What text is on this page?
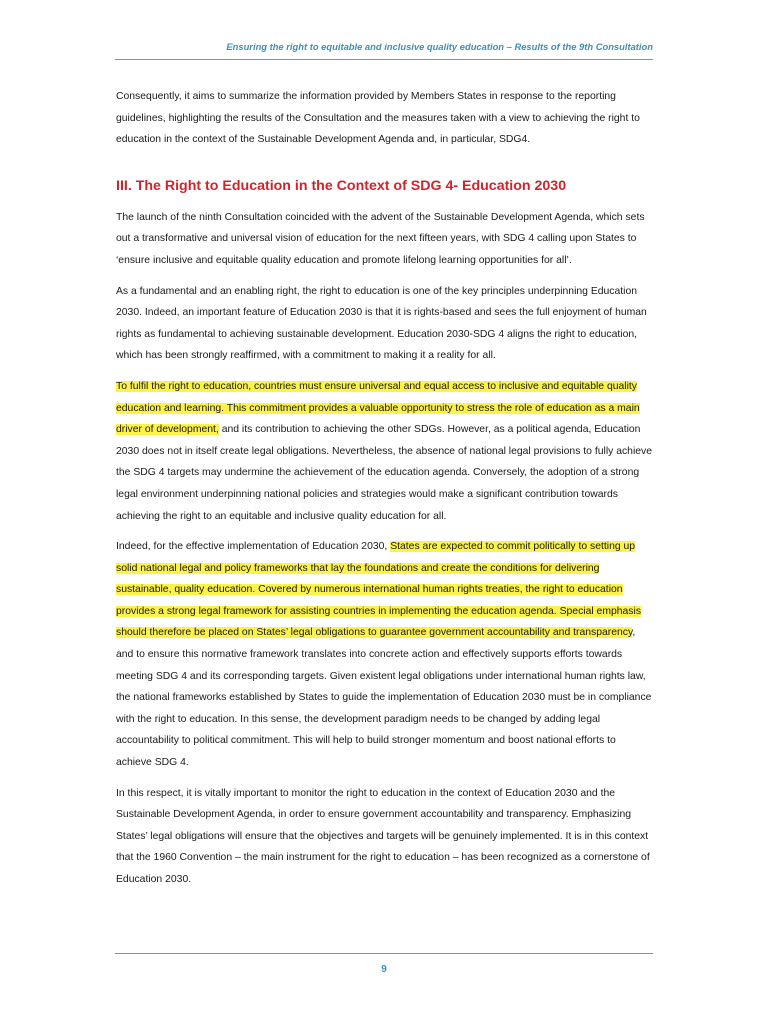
Ensuring the right to equitable and inclusive quality education – Results of the 9th Consultation

Consequently, it aims to summarize the information provided by Members States in response to the reporting guidelines, highlighting the results of the Consultation and the measures taken with a view to achieving the right to education in the context of the Sustainable Development Agenda and, in particular, SDG4.

III. The Right to Education in the Context of SDG 4- Education 2030

The launch of the ninth Consultation coincided with the advent of the Sustainable Development Agenda, which sets out a transformative and universal vision of education for the next fifteen years, with SDG 4 calling upon States to ‘ensure inclusive and equitable quality education and promote lifelong learning opportunities for all’.

As a fundamental and an enabling right, the right to education is one of the key principles underpinning Education 2030. Indeed, an important feature of Education 2030 is that it is rights-based and sees the full enjoyment of human rights as fundamental to achieving sustainable development. Education 2030-SDG 4 aligns the right to education, which has been strongly reaffirmed, with a commitment to making it a reality for all.

To fulfil the right to education, countries must ensure universal and equal access to inclusive and equitable quality education and learning. This commitment provides a valuable opportunity to stress the role of education as a main driver of development, and its contribution to achieving the other SDGs. However, as a political agenda, Education 2030 does not in itself create legal obligations. Nevertheless, the absence of national legal provisions to fully achieve the SDG 4 targets may undermine the achievement of the education agenda. Conversely, the adoption of a strong legal environment underpinning national policies and strategies would make a significant contribution towards achieving the right to an equitable and inclusive quality education for all.

Indeed, for the effective implementation of Education 2030, States are expected to commit politically to setting up solid national legal and policy frameworks that lay the foundations and create the conditions for delivering sustainable, quality education. Covered by numerous international human rights treaties, the right to education provides a strong legal framework for assisting countries in implementing the education agenda. Special emphasis should therefore be placed on States’ legal obligations to guarantee government accountability and transparency, and to ensure this normative framework translates into concrete action and effectively supports efforts towards meeting SDG 4 and its corresponding targets. Given existent legal obligations under international human rights law, the national frameworks established by States to guide the implementation of Education 2030 must be in compliance with the right to education. In this sense, the development paradigm needs to be changed by adding legal accountability to political commitment. This will help to build stronger momentum and boost national efforts to achieve SDG 4.

In this respect, it is vitally important to monitor the right to education in the context of Education 2030 and the Sustainable Development Agenda, in order to ensure government accountability and transparency. Emphasizing States’ legal obligations will ensure that the objectives and targets will be genuinely implemented. It is in this context that the 1960 Convention – the main instrument for the right to education – has been recognized as a cornerstone of Education 2030.

9
